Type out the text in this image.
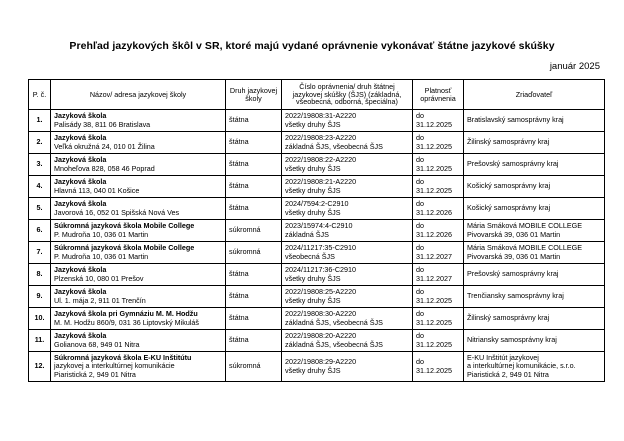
Prehľad jazykových škôl v SR, ktoré majú vydané oprávnenie vykonávať štátne jazykové skúšky
január 2025
P. č.	Názov/ adresa jazykovej školy	Druh jazykovej školy	Číslo oprávnenia/ druh štátnej jazykovej skúšky (ŠJS) (základná, všeobecná, odborná, špeciálna)	Platnosť oprávnenia	Zriaďovateľ
1.	Jazyková škola
Palisády 38, 811 06 Bratislava	štátna	2022/19808:31-A2220
všetky druhy ŠJS	do
31.12.2025	Bratislavský samosprávny kraj

2.	Jazyková škola
Veľká okružná 24, 010 01 Žilina	štátna	2022/19808:23-A2220
základná ŠJS, všeobecná ŠJS	do
31.12.2025	Žilinský samosprávny kraj

3.	Jazyková škola
Mnoheľova 828, 058 46 Poprad	štátna	2022/19808:22-A2220
všetky druhy ŠJS	do
31.12.2025	Prešovský samosprávny kraj

4.	Jazyková škola
Hlavná 113, 040 01 Košice	štátna	2022/19808:21-A2220
všetky druhy ŠJS	do
31.12.2025	Košický samosprávny kraj

5.	Jazyková škola
Javorová 16, 052 01 Spišská Nová Ves	štátna	2024/7594:2-C2910
všetky druhy ŠJS	do
31.12.2026	Košický samosprávny kraj

6.	Súkromná jazyková škola Mobile College
P. Mudroňa 10, 036 01 Martin	súkromná	2023/15974:4-C2910
základná ŠJS	do
31.12.2026	Mária Smáková MOBILE COLLEGE
Pivovarská 39, 036 01 Martin

7.	Súkromná jazyková škola Mobile College
P. Mudroňa 10, 036 01 Martin	súkromná	2024/11217:35-C2910
všeobecná ŠJS	do
31.12.2027	Mária Smáková MOBILE COLLEGE
Pivovarská 39, 036 01 Martin

8.	Jazyková škola
Plzenská 10, 080 01 Prešov	štátna	2024/11217:36-C2910
všetky druhy ŠJS	do
31.12.2027	Prešovský samosprávny kraj

9.	Jazyková škola
Ul. 1. mája 2, 911 01 Trenčín	štátna	2022/19808:25-A2220
všetky druhy ŠJS	do
31.12.2025	Trenčiansky samosprávny kraj

10.	Jazyková škola pri Gymnáziu M. M. Hodžu
M. M. Hodžu 860/9, 031 36 Liptovský Mikuláš	štátna	2022/19808:30-A2220
základná ŠJS, všeobecná ŠJS	do
31.12.2025	Žilinský samosprávny kraj

11.	Jazyková škola
Golianova 68, 949 01 Nitra	štátna	2022/19808:20-A2220
základná ŠJS, všeobecná ŠJS	do
31.12.2025	Nitriansky samosprávny kraj

12.	Súkromná jazyková škola E-KU Inštitútu
jazykovej a interkultúrnej komunikácie
Piaristická 2, 949 01 Nitra	súkromná	2022/19808:29-A2220
všetky druhy ŠJS	do
31.12.2025	E-KU Inštitút jazykovej
a interkultúrnej komunikácie, s.r.o.
Piaristická 2, 949 01 Nitra
